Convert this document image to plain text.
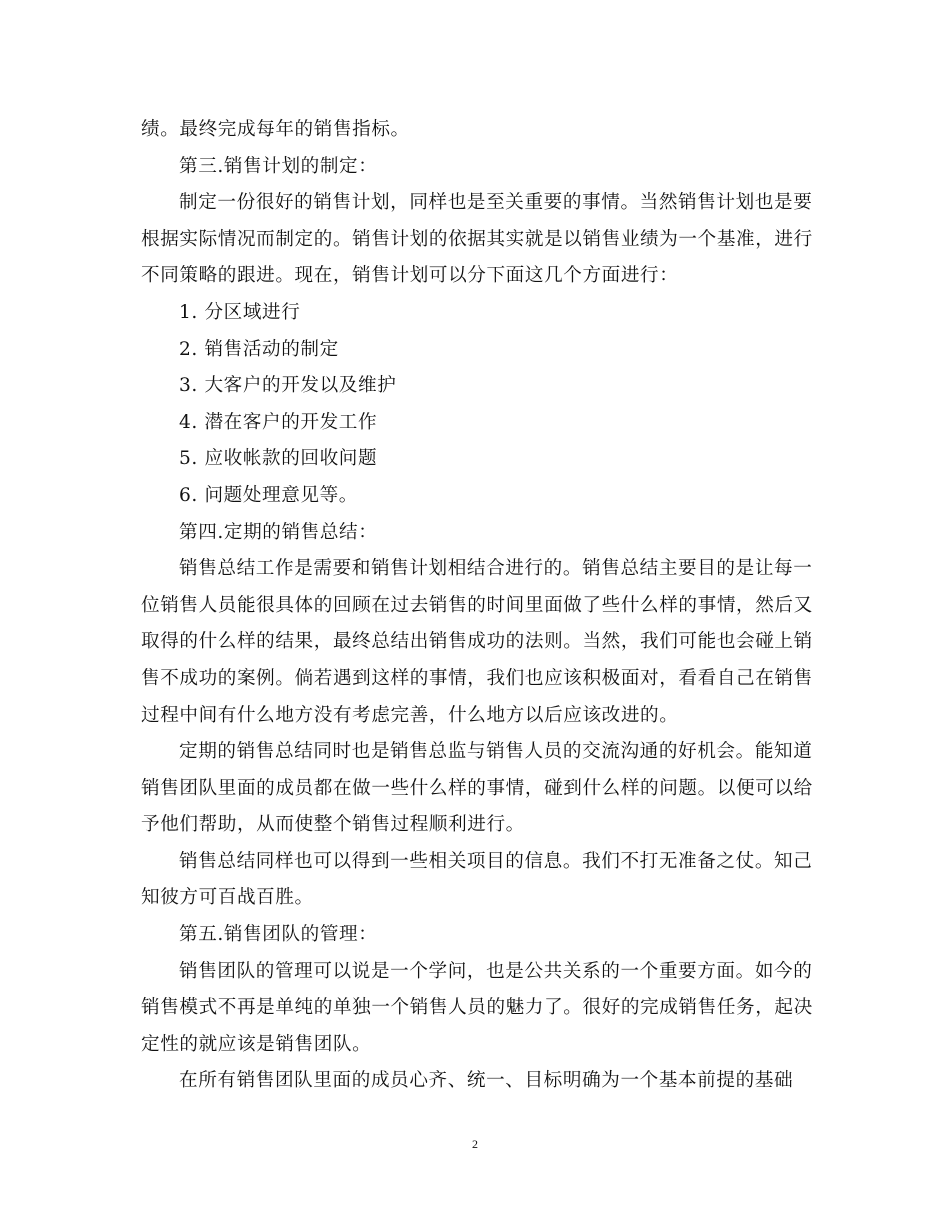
绩。最终完成每年的销售指标。
第三.销售计划的制定：
制定一份很好的销售计划，同样也是至关重要的事情。当然销售计划也是要
根据实际情况而制定的。销售计划的依据其实就是以销售业绩为一个基准，进行
不同策略的跟进。现在，销售计划可以分下面这几个方面进行：
1. 分区域进行
2. 销售活动的制定
3. 大客户的开发以及维护
4. 潜在客户的开发工作
5. 应收帐款的回收问题
6. 问题处理意见等。
第四.定期的销售总结：
销售总结工作是需要和销售计划相结合进行的。销售总结主要目的是让每一
位销售人员能很具体的回顾在过去销售的时间里面做了些什么样的事情，然后又
取得的什么样的结果，最终总结出销售成功的法则。当然，我们可能也会碰上销
售不成功的案例。倘若遇到这样的事情，我们也应该积极面对，看看自己在销售
过程中间有什么地方没有考虑完善，什么地方以后应该改进的。
定期的销售总结同时也是销售总监与销售人员的交流沟通的好机会。能知道
销售团队里面的成员都在做一些什么样的事情，碰到什么样的问题。以便可以给
予他们帮助，从而使整个销售过程顺利进行。
销售总结同样也可以得到一些相关项目的信息。我们不打无准备之仗。知己
知彼方可百战百胜。
第五.销售团队的管理：
销售团队的管理可以说是一个学问，也是公共关系的一个重要方面。如今的
销售模式不再是单纯的单独一个销售人员的魅力了。很好的完成销售任务，起决
定性的就应该是销售团队。
在所有销售团队里面的成员心齐、统一、目标明确为一个基本前提的基础
2
